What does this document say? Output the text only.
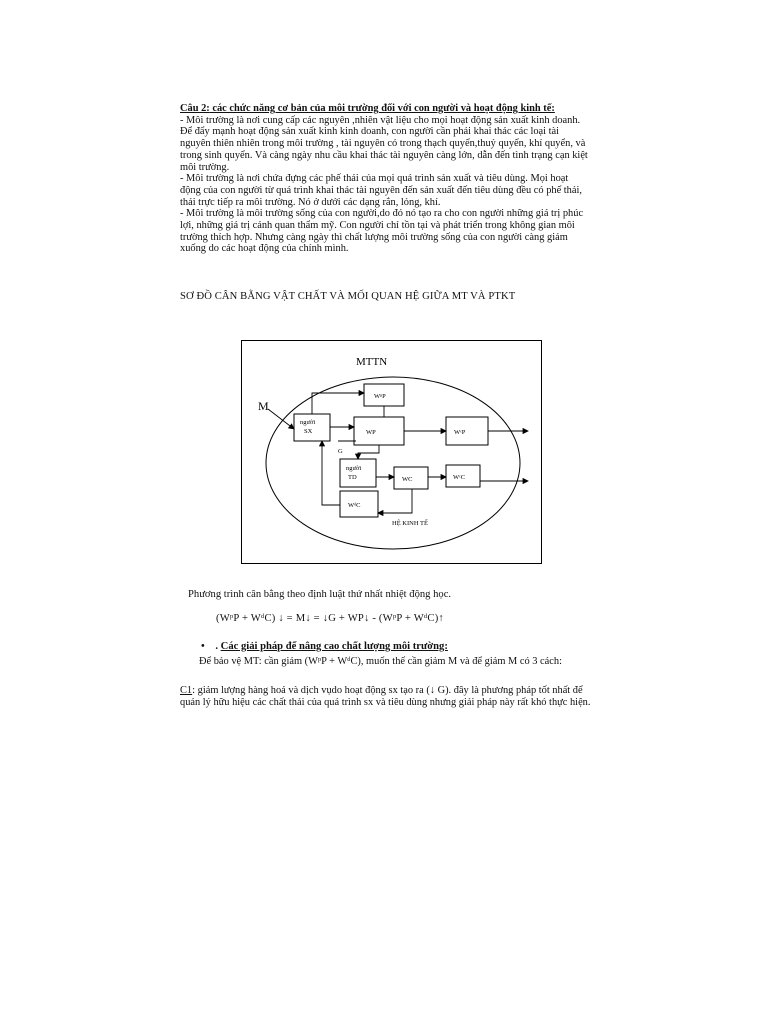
Câu 2: các chức năng cơ bản của môi trường đối với con người và hoạt động kinh tế:
- Môi trường là nơi cung cấp các nguyên ,nhiên vật liệu cho mọi hoạt động sản xuất kinh doanh. Để đẩy mạnh hoạt động sản xuất kinh kinh doanh, con người cần phải khai thác các loại tài nguyên thiên nhiên trong môi trường , tài nguyên có trong thạch quyển,thuỷ quyển, khí quyển, và trong sinh quyển. Và càng ngày nhu cầu khai thác tài nguyên càng lớn, dẫn đến tình trạng cạn kiệt môi trường.
- Môi trường là nơi chứa đựng các phế thải của mọi quá trình sản xuất và tiêu dùng. Mọi hoạt động của con người từ quá trình khai thác tài nguyên đến sản xuất đến tiêu dùng đều có phế thải, thải trực tiếp ra môi trường. Nó ở dưới các dạng rắn, lỏng, khí.
- Môi trường là môi trường sống của con người,do đó nó tạo ra cho con người những giá trị phúc lợi, những giá trị cảnh quan thẩm mỹ. Con người chỉ tồn tại và phát triển trong không gian môi trường thích hợp. Nhưng càng ngày thì chất lượng môi trường sống của con người càng giảm xuống do các hoạt động của chính mình.
SƠ ĐỒ CÂN BẰNG VẬT CHẤT VÀ MỐI QUAN HỆ GIỮA MT VÀ PTKT
MTTN
M
người
SX
WᵖP
WP	WᶜP
G
người
TD	WC	WᶜC
WᵈC
HỆ KINH TẾ
Phương trình cân bằng theo định luật thứ nhất nhiệt động học.
(WᵖP + WᵈC) ↓ = M↓ = ↓G + WP↓ - (WᵖP + WᵈC)↑
• . Các giải pháp để nâng cao chất lượng môi trường:
Để bảo vệ MT: cần giảm (WᵖP + WᵈC), muốn thế cần giảm M và để giảm M có 3 cách:
C1: giảm lượng hàng hoá và dịch vụdo hoạt động sx tạo ra (↓ G). đây là phương pháp tốt nhất để quản lý hữu hiệu các chất thải của quá trình sx và tiêu dùng nhưng giải pháp này rất khó thực hiện.
